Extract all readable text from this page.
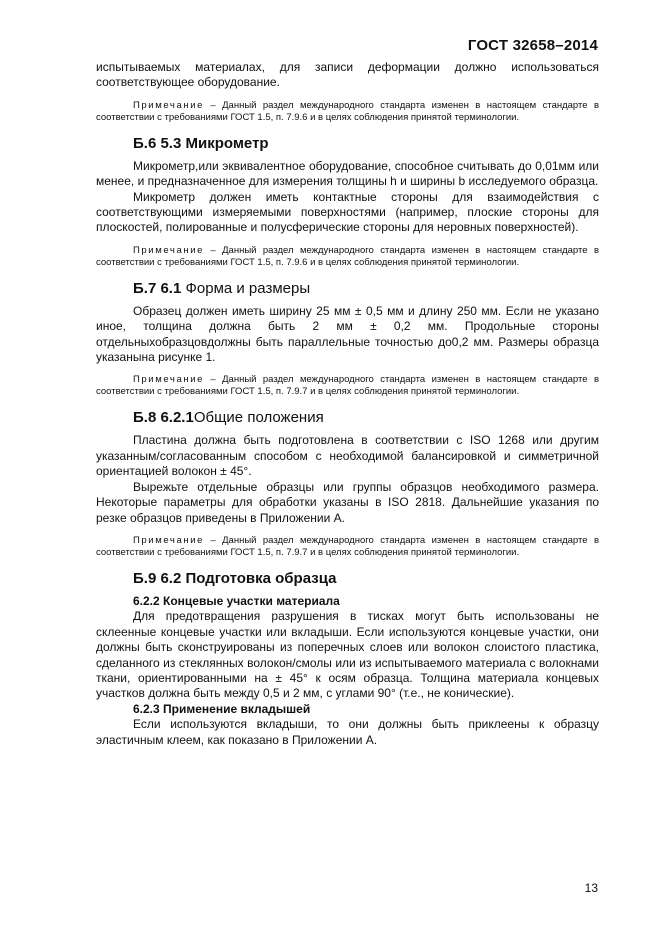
ГОСТ 32658–2014

испытываемых материалах, для записи деформации должно использоваться соответствующее оборудование.

Примечание – Данный раздел международного стандарта изменен в настоящем стандарте в соответствии с требованиями ГОСТ 1.5, п. 7.9.6 и в целях соблюдения принятой терминологии.

Б.6 5.3 Микрометр

Микрометр,или эквивалентное оборудование, способное считывать до 0,01мм или менее, и предназначенное для измерения толщины h и ширины b исследуемого образца.

Микрометр должен иметь контактные стороны для взаимодействия с соответствующими измеряемыми поверхностями (например, плоские стороны для плоскостей, полированные и полусферические стороны для неровных поверхностей).

Примечание – Данный раздел международного стандарта изменен в настоящем стандарте в соответствии с требованиями ГОСТ 1.5, п. 7.9.6 и в целях соблюдения принятой терминологии.

Б.7 6.1 Форма и размеры

Образец должен иметь ширину 25 мм ± 0,5 мм и длину 250 мм. Если не указано иное, толщина должна быть 2 мм ± 0,2 мм. Продольные стороны отдельныхобразцовдолжны быть параллельные точностью до0,2 мм. Размеры образца указанына рисунке 1.

Примечание – Данный раздел международного стандарта изменен в настоящем стандарте в соответствии с требованиями ГОСТ 1.5, п. 7.9.7 и в целях соблюдения принятой терминологии.

Б.8 6.2.1Общие положения

Пластина должна быть подготовлена в соответствии с ISO 1268 или другим указанным/согласованным способом с необходимой балансировкой и симметричной ориентацией волокон ± 45°.

Вырежьте отдельные образцы или группы образцов необходимого размера. Некоторые параметры для обработки указаны в ISO 2818. Дальнейшие указания по резке образцов приведены в Приложении А.

Примечание – Данный раздел международного стандарта изменен в настоящем стандарте в соответствии с требованиями ГОСТ 1.5, п. 7.9.7 и в целях соблюдения принятой терминологии.

Б.9 6.2 Подготовка образца
6.2.2 Концевые участки материала

Для предотвращения разрушения в тисках могут быть использованы не склеенные концевые участки или вкладыши. Если используются концевые участки, они должны быть сконструированы из поперечных слоев или волокон слоистого пластика, сделанного из стеклянных волокон/смолы или из испытываемого материала с волокнами ткани, ориентированными на ± 45° к осям образца. Толщина материала концевых участков должна быть между 0,5 и 2 мм, с углами 90° (т.е., не конические).

6.2.3 Применение вкладышей

Если используются вкладыши, то они должны быть приклеены к образцу эластичным клеем, как показано в Приложении А.

13
